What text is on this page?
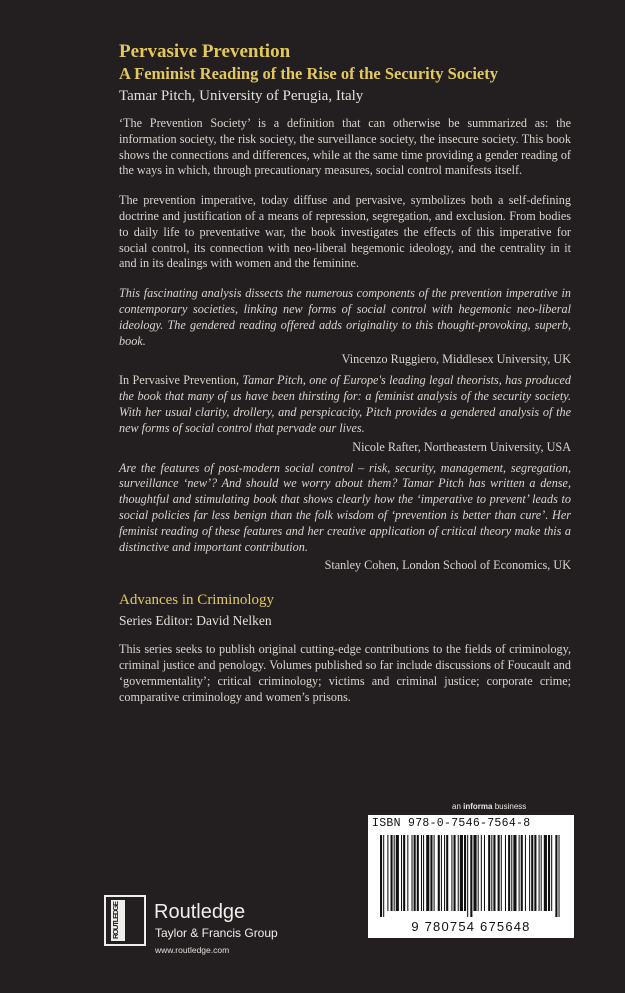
Pervasive Prevention
A Feminist Reading of the Rise of the Security Society
Tamar Pitch, University of Perugia, Italy

‘The Prevention Society’ is a definition that can otherwise be summarized as: the information society, the risk society, the surveillance society, the insecure society. This book shows the connections and differences, while at the same time providing a gender reading of the ways in which, through precautionary measures, social control manifests itself.

The prevention imperative, today diffuse and pervasive, symbolizes both a self-defining doctrine and justification of a means of repression, segregation, and exclusion. From bodies to daily life to preventative war, the book investigates the effects of this imperative for social control, its connection with neo-liberal hegemonic ideology, and the centrality in it and in its dealings with women and the feminine.

This fascinating analysis dissects the numerous components of the prevention imperative in contemporary societies, linking new forms of social control with hegemonic neo-liberal ideology. The gendered reading offered adds originality to this thought-provoking, superb, book.

Vincenzo Ruggiero, Middlesex University, UK

In Pervasive Prevention, Tamar Pitch, one of Europe's leading legal theorists, has produced the book that many of us have been thirsting for: a feminist analysis of the security society. With her usual clarity, drollery, and perspicacity, Pitch provides a gendered analysis of the new forms of social control that pervade our lives.

Nicole Rafter, Northeastern University, USA

Are the features of post-modern social control – risk, security, management, segregation, surveillance ‘new’? And should we worry about them? Tamar Pitch has written a dense, thoughtful and stimulating book that shows clearly how the ‘imperative to prevent’ leads to social policies far less benign than the folk wisdom of ‘prevention is better than cure’. Her feminist reading of these features and her creative application of critical theory make this a distinctive and important contribution.

Stanley Cohen, London School of Economics, UK
Advances in Criminology
Series Editor: David Nelken

This series seeks to publish original cutting-edge contributions to the fields of criminology, criminal justice and penology. Volumes published so far include discussions of Foucault and ‘governmentality’; critical criminology; victims and criminal justice; corporate crime; comparative criminology and women’s prisons.

an informa business
ISBN 978-0-7546-7564-8
9 780754 675648
ROUTLEDGE Routledge
Taylor & Francis Group
www.routledge.com
